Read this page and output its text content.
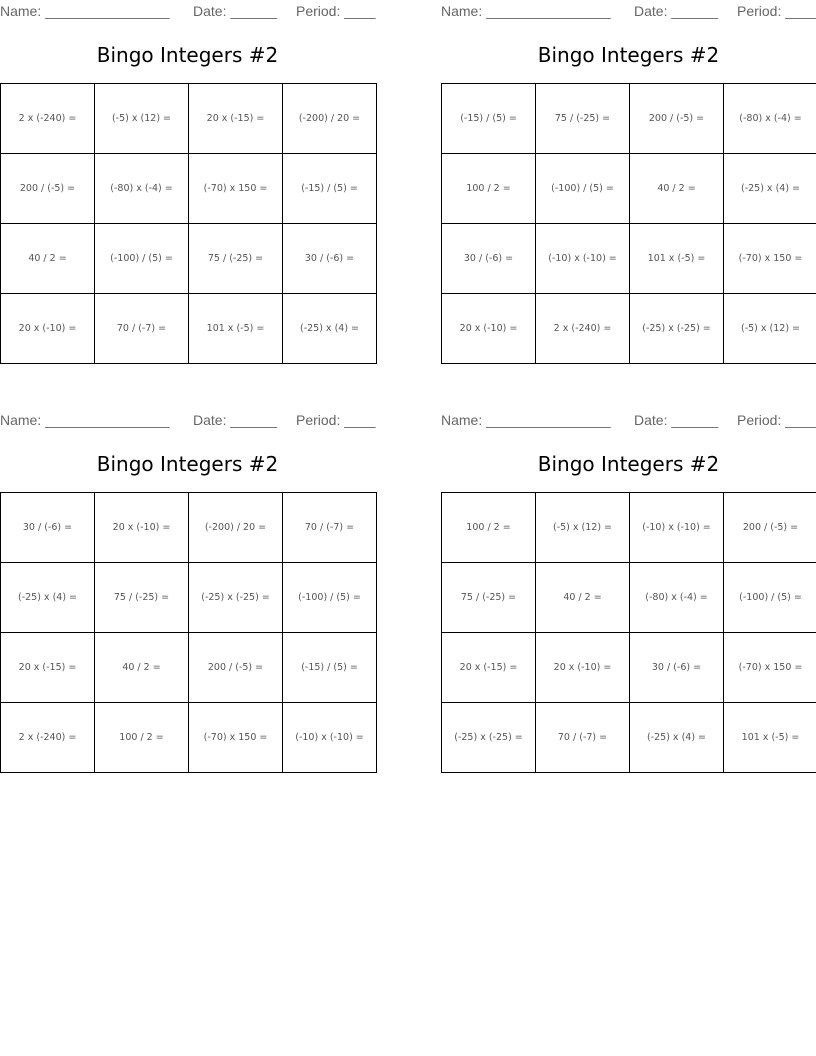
Name: ________________ Date: ______ Period: ____
Bingo Integers #2
2 x (-240) =	(-5) x (12) =	20 x (-15) =	(-200) / 20 =
200 / (-5) =	(-80) x (-4) =	(-70) x 150 =	(-15) / (5) =
40 / 2 =	(-100) / (5) =	75 / (-25) =	30 / (-6) =
20 x (-10) =	70 / (-7) =	101 x (-5) =	(-25) x (4) =
Name: ________________ Date: ______ Period: ____
Bingo Integers #2
(-15) / (5) =	75 / (-25) =	200 / (-5) =	(-80) x (-4) =
100 / 2 =	(-100) / (5) =	40 / 2 =	(-25) x (4) =
30 / (-6) =	(-10) x (-10) =	101 x (-5) =	(-70) x 150 =
20 x (-10) =	2 x (-240) =	(-25) x (-25) =	(-5) x (12) =
Name: ________________ Date: ______ Period: ____
Bingo Integers #2
30 / (-6) =	20 x (-10) =	(-200) / 20 =	70 / (-7) =
(-25) x (4) =	75 / (-25) =	(-25) x (-25) =	(-100) / (5) =
20 x (-15) =	40 / 2 =	200 / (-5) =	(-15) / (5) =
2 x (-240) =	100 / 2 =	(-70) x 150 =	(-10) x (-10) =
Name: ________________ Date: ______ Period: ____
Bingo Integers #2
100 / 2 =	(-5) x (12) =	(-10) x (-10) =	200 / (-5) =
75 / (-25) =	40 / 2 =	(-80) x (-4) =	(-100) / (5) =
20 x (-15) =	20 x (-10) =	30 / (-6) =	(-70) x 150 =
(-25) x (-25) =	70 / (-7) =	(-25) x (4) =	101 x (-5) =
